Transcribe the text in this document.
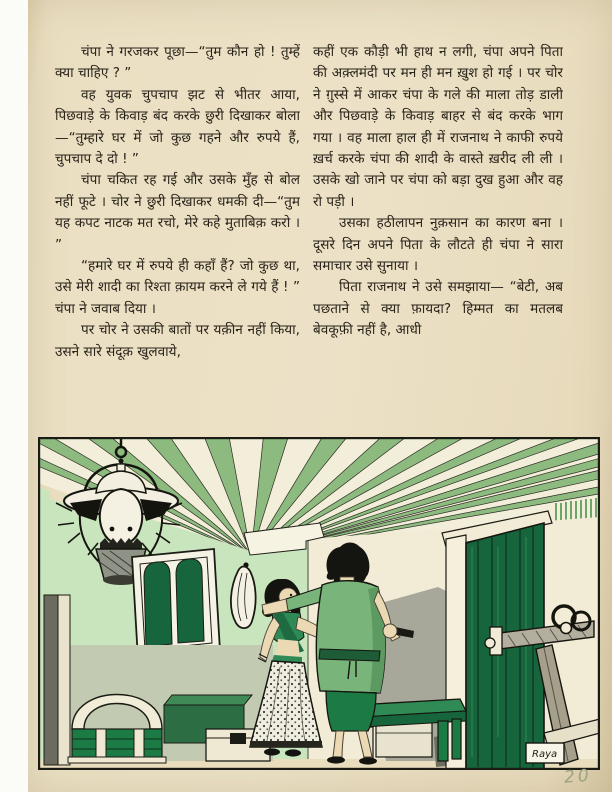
चंपा ने गरजकर पूछा—“तुम कौन हो ! तुम्हें क्या चाहिए ? ”

वह युवक चुपचाप झट से भीतर आया, पिछवाड़े के किवाड़ बंद करके छुरी दिखाकर बोला—“तुम्हारे घर में जो कुछ गहने और रुपये हैं, चुपचाप दे दो ! ”

चंपा चकित रह गई और उसके मुँह से बोल नहीं फूटे । चोर ने छुरी दिखाकर धमकी दी—“तुम यह कपट नाटक मत रचो, मेरे कहे मुताबिक़ करो । ”

“हमारे घर में रुपये ही कहाँ हैं? जो कुछ था, उसे मेरी शादी का रिश्ता क़ायम करने ले गये हैं ! ” चंपा ने जवाब दिया ।

पर चोर ने उसकी बातों पर यक़ीन नहीं किया, उसने सारे संदूक़ खुलवाये,

कहीं एक कौड़ी भी हाथ न लगी, चंपा अपने पिता की अक़्लमंदी पर मन ही मन ख़ुश हो गई । पर चोर ने ग़ुस्से में आकर चंपा के गले की माला तोड़ डाली और पिछवाड़े के किवाड़ बाहर से बंद करके भाग गया । वह माला हाल ही में राजनाथ ने काफी रुपये ख़र्च करके चंपा की शादी के वास्ते ख़रीद ली ली । उसके खो जाने पर चंपा को बड़ा दुख हुआ और वह रो पड़ी ।

उसका हठीलापन नुक़सान का कारण बना । दूसरे दिन अपने पिता के लौटते ही चंपा ने सारा समाचार उसे सुनाया ।

पिता राजनाथ ने उसे समझाया— “बेटी, अब पछताने से क्या फ़ायदा? हिम्मत का मतलब बेवकूफ़ी नहीं है, आधी

Raya
20
